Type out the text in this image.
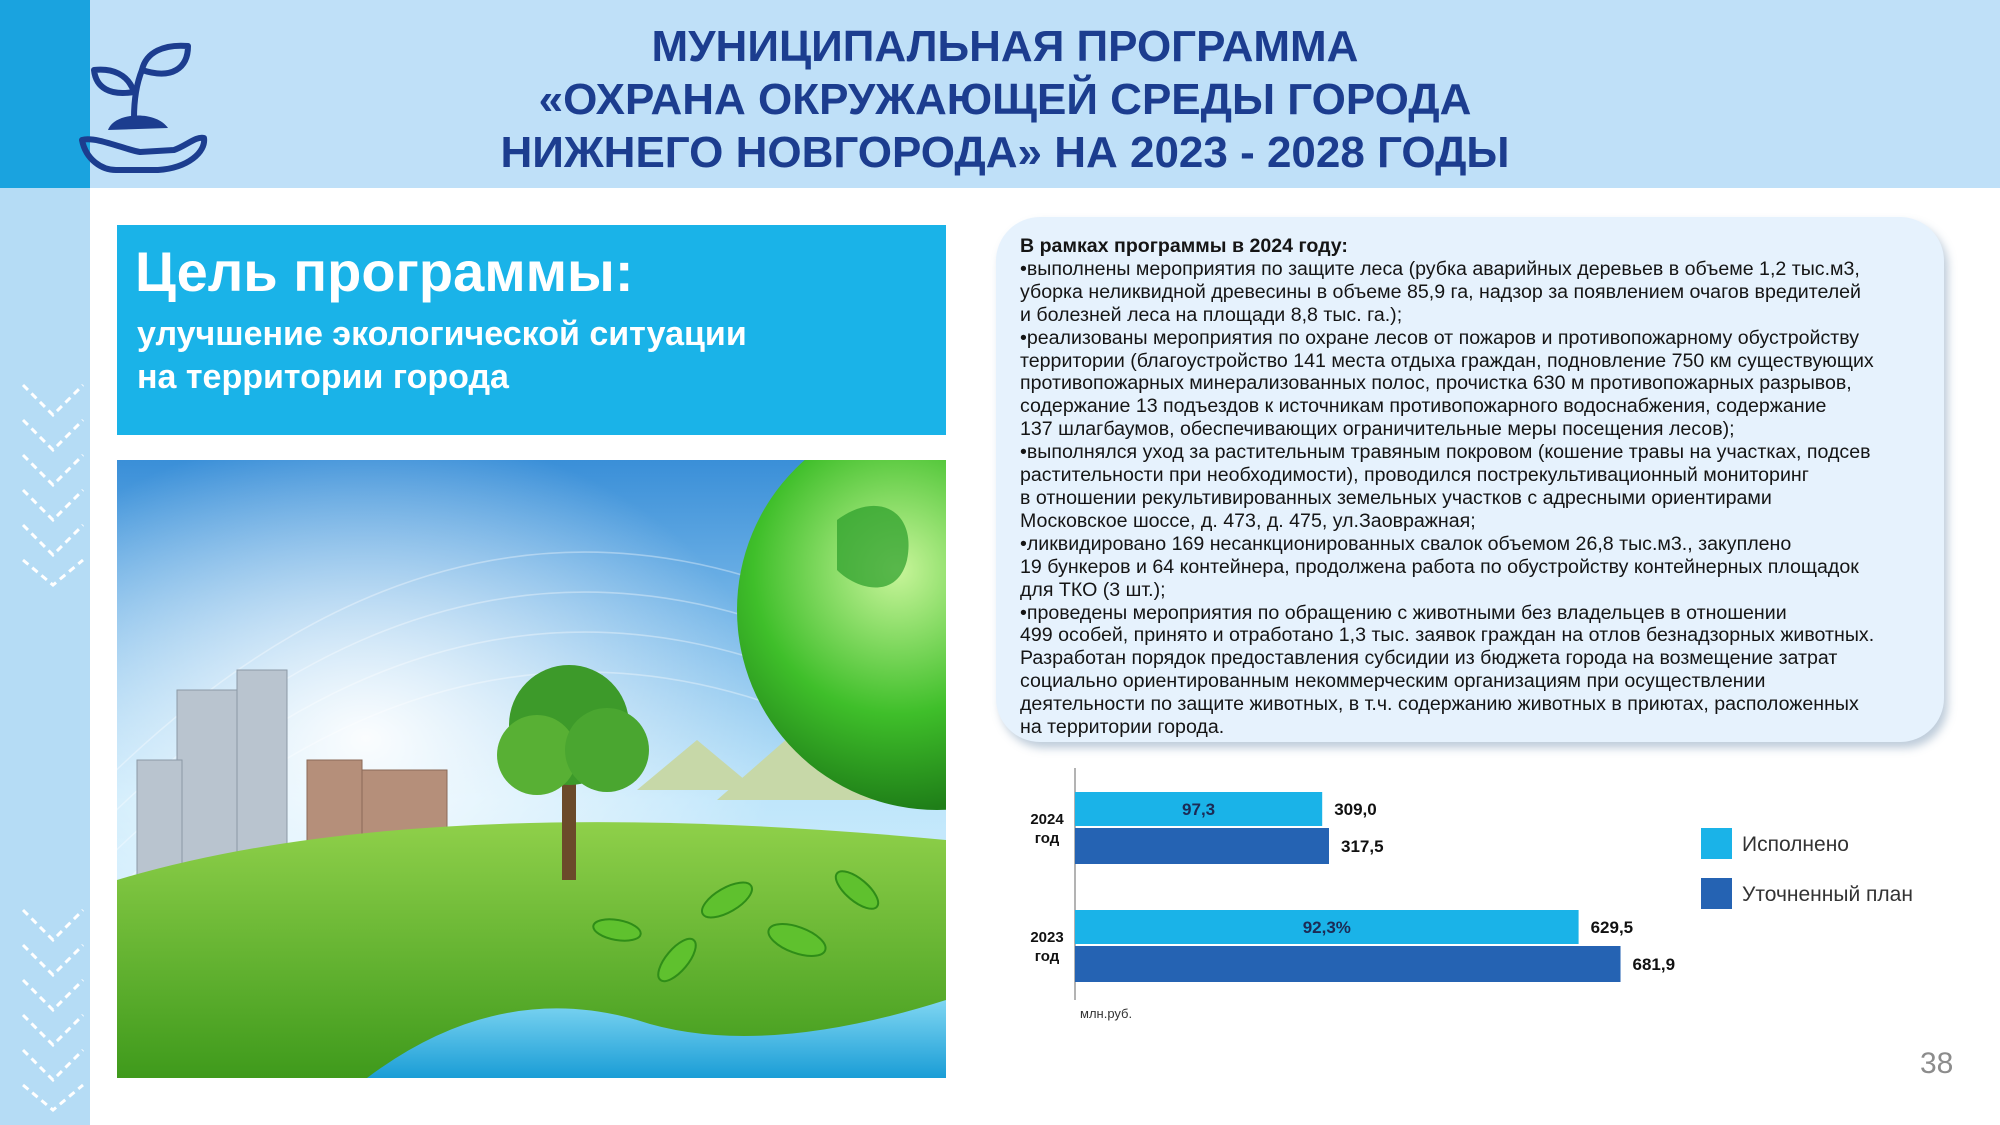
МУНИЦИПАЛЬНАЯ ПРОГРАММА
«ОХРАНА ОКРУЖАЮЩЕЙ СРЕДЫ ГОРОДА
НИЖНЕГО НОВГОРОДА» НА 2023 - 2028 ГОДЫ
Цель программы:
улучшение экологической ситуации
на территории города
В рамках программы в 2024 году:
•выполнены мероприятия по защите леса (рубка аварийных деревьев в объеме 1,2 тыс.м3,
уборка неликвидной древесины в объеме 85,9 га, надзор за появлением очагов вредителей
и болезней леса на площади 8,8 тыс. га.);
•реализованы мероприятия по охране лесов от пожаров и противопожарному обустройству
территории (благоустройство 141 места отдыха граждан, подновление 750 км существующих
противопожарных минерализованных полос, прочистка 630 м противопожарных разрывов,
содержание 13 подъездов к источникам противопожарного водоснабжения, содержание
137 шлагбаумов, обеспечивающих ограничительные меры посещения лесов);
•выполнялся уход за растительным травяным покровом (кошение травы на участках, подсев
растительности при необходимости), проводился пострекультивационный мониторинг
в отношении рекультивированных земельных участков с адресными ориентирами
Московское шоссе, д. 473, д. 475, ул.Заовражная;
•ликвидировано 169 несанкционированных свалок объемом 26,8 тыс.м3., закуплено
19 бункеров и 64 контейнера, продолжена работа по обустройству контейнерных площадок
для ТКО (3 шт.);
•проведены мероприятия по обращению с животными без владельцев в отношении
499 особей, принято и отработано 1,3 тыс. заявок граждан на отлов безнадзорных животных.
Разработан порядок предоставления субсидии из бюджета города на возмещение затрат
социально ориентированным некоммерческим организациям при осуществлении
деятельности по защите животных, в т.ч. содержанию животных в приютах, расположенных
на территории города.
97,3	309,0
317,5
2024
год
92,3%	629,5
681,9
2023
год
млн.руб.
Исполнено
Уточненный план
38
